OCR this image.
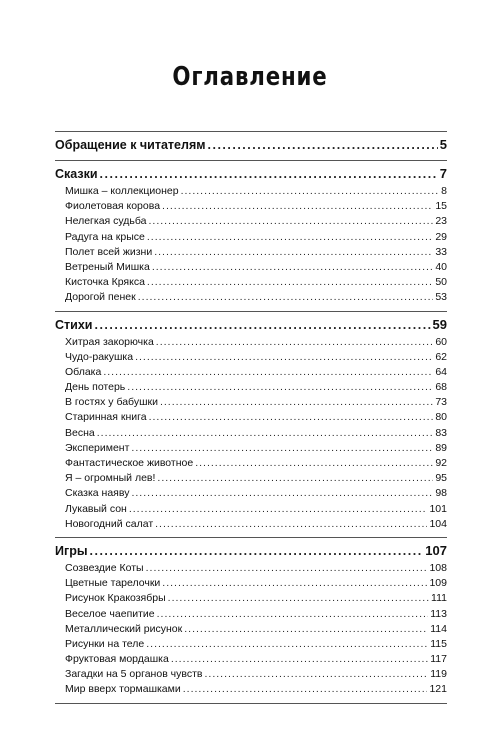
Оглавление
Обращение к читателям .....	5
Сказки .....	7
Мишка – коллекционер .....	8
Фиолетовая корова .....	15
Нелегкая судьба .....	23
Радуга на крысе .....	29
Полет всей жизни .....	33
Ветреный Мишка .....	40
Кисточка Крякса .....	50
Дорогой пенек .....	53
Стихи .....	59
Хитрая закорючка .....	60
Чудо-ракушка .....	62
Облака .....	64
День потерь .....	68
В гостях у бабушки .....	73
Старинная книга .....	80
Весна .....	83
Эксперимент .....	89
Фантастическое животное .....	92
Я – огромный лев! .....	95
Сказка наяву .....	98
Лукавый сон .....	101
Новогодний салат .....	104
Игры .....	107
Созвездие Коты .....	108
Цветные тарелочки .....	109
Рисунок Кракозябры .....	111
Веселое чаепитие .....	113
Металлический рисунок .....	114
Рисунки на теле .....	115
Фруктовая мордашка .....	117
Загадки на 5 органов чувств .....	119
Мир вверх тормашками .....	121
